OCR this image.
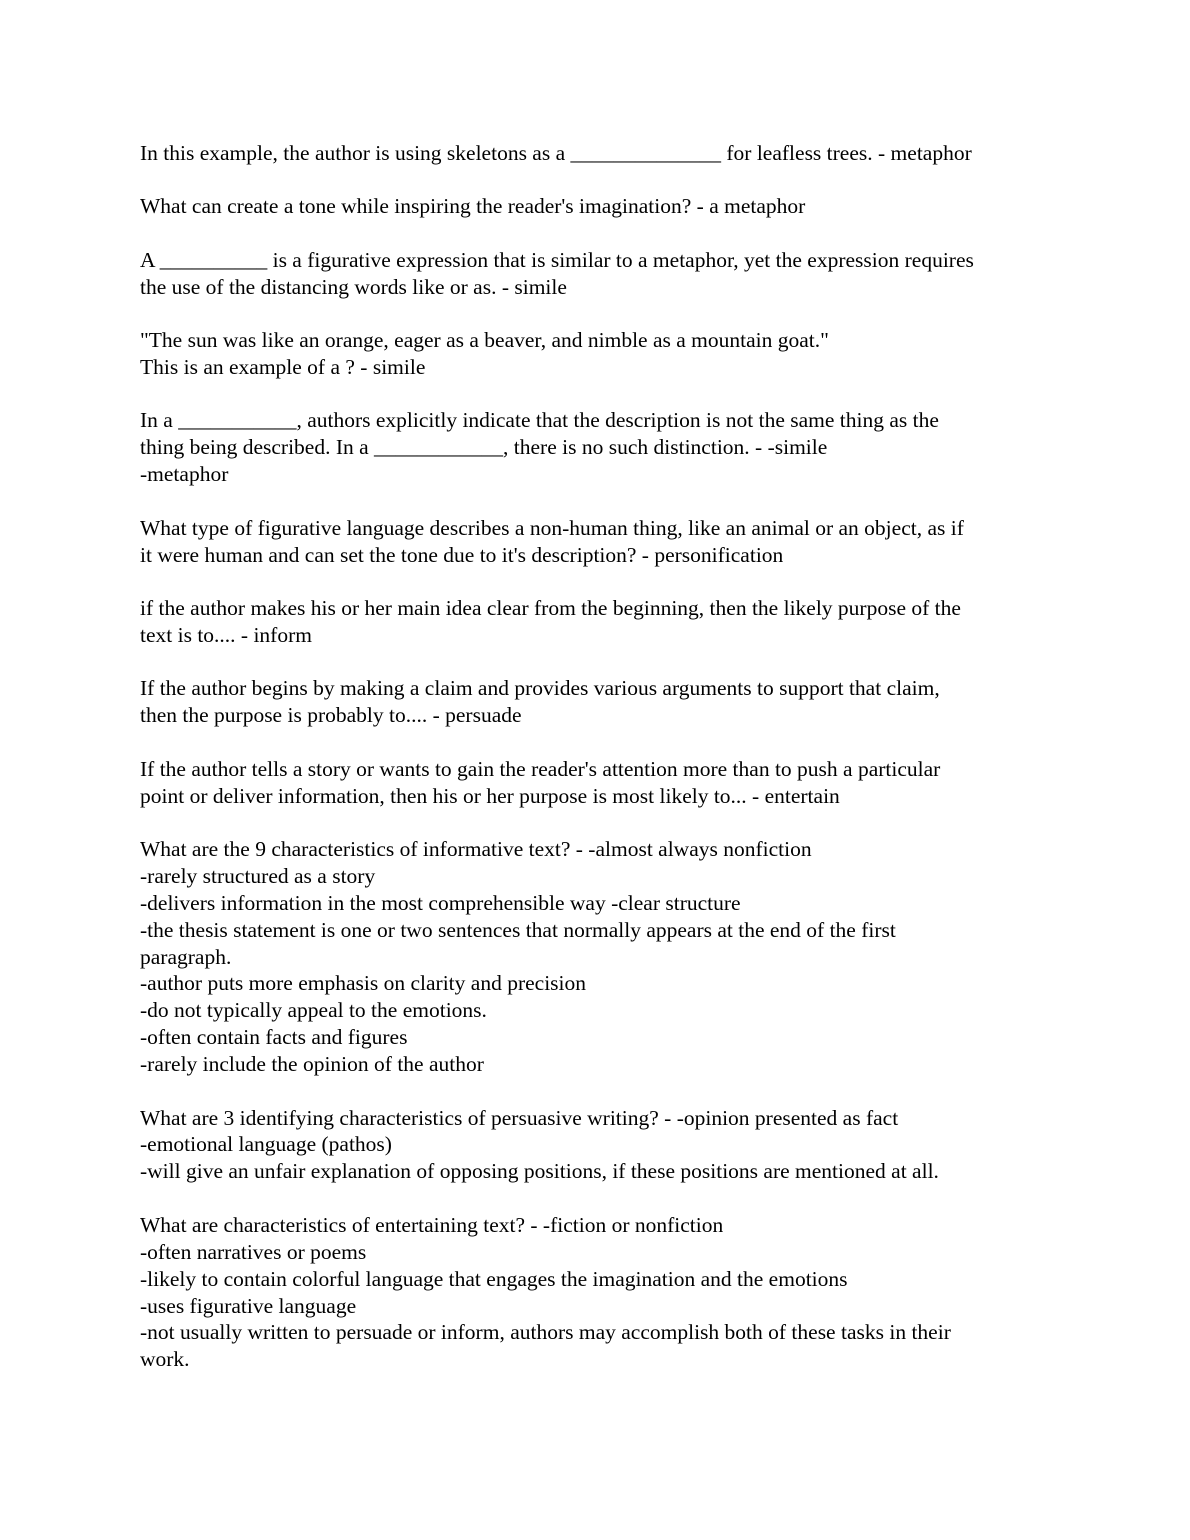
In this example, the author is using skeletons as a ______________ for leafless trees. - metaphor

What can create a tone while inspiring the reader's imagination? - a metaphor

A __________ is a figurative expression that is similar to a metaphor, yet the expression requires
the use of the distancing words like or as. - simile

"The sun was like an orange, eager as a beaver, and nimble as a mountain goat."
This is an example of a ? - simile

In a ___________, authors explicitly indicate that the description is not the same thing as the
thing being described. In a ____________, there is no such distinction. - -simile
-metaphor

What type of figurative language describes a non-human thing, like an animal or an object, as if
it were human and can set the tone due to it's description? - personification

if the author makes his or her main idea clear from the beginning, then the likely purpose of the
text is to.... - inform

If the author begins by making a claim and provides various arguments to support that claim,
then the purpose is probably to.... - persuade

If the author tells a story or wants to gain the reader's attention more than to push a particular
point or deliver information, then his or her purpose is most likely to... - entertain

What are the 9 characteristics of informative text? - -almost always nonfiction
-rarely structured as a story
-delivers information in the most comprehensible way -clear structure
-the thesis statement is one or two sentences that normally appears at the end of the first
paragraph.
-author puts more emphasis on clarity and precision
-do not typically appeal to the emotions.
-often contain facts and figures
-rarely include the opinion of the author

What are 3 identifying characteristics of persuasive writing? - -opinion presented as fact
-emotional language (pathos)
-will give an unfair explanation of opposing positions, if these positions are mentioned at all.

What are characteristics of entertaining text? - -fiction or nonfiction
-often narratives or poems
-likely to contain colorful language that engages the imagination and the emotions
-uses figurative language
-not usually written to persuade or inform, authors may accomplish both of these tasks in their
work.
